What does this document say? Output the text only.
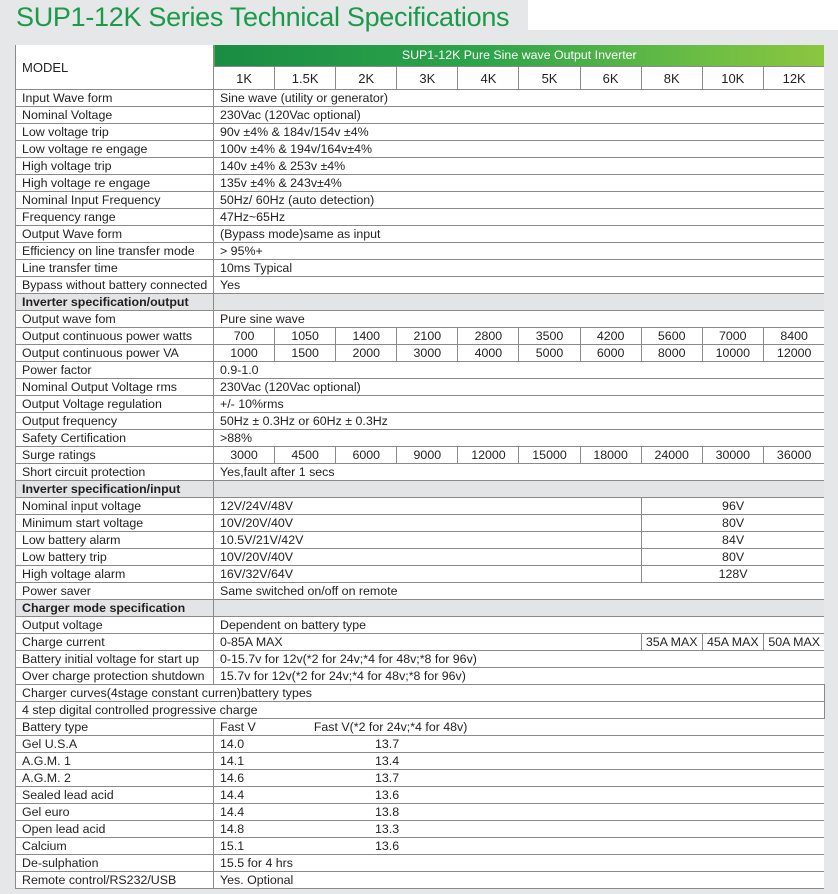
SUP1-12K Series Technical Specifications
MODEL	SUP1-12K Pure Sine wave Output Inverter									
	1K	1.5K	2K	3K	4K	5K	6K	8K	10K	12K
Input Wave form	Sine wave (utility or generator)									
Nominal Voltage	230Vac (120Vac optional)									
Low voltage trip	90v ±4% & 184v/154v ±4%									
Low voltage re engage	100v ±4% & 194v/164v±4%									
High voltage trip	140v ±4% & 253v ±4%									
High voltage re engage	135v ±4% & 243v±4%									
Nominal Input Frequency	50Hz/ 60Hz (auto detection)									
Frequency range	47Hz~65Hz									
Output Wave form	(Bypass mode)same as input									
Efficiency on line transfer mode	> 95%+									
Line transfer time	10ms Typical									
Bypass without battery connected	Yes									
Inverter specification/output										
Output wave fom	Pure sine wave									
Output continuous power watts	700	1050	1400	2100	2800	3500	4200	5600	7000	8400
Output continuous power VA	1000	1500	2000	3000	4000	5000	6000	8000	10000	12000
Power factor	0.9-1.0									
Nominal Output Voltage rms	230Vac (120Vac optional)									
Output Voltage regulation	+/- 10%rms									
Output frequency	50Hz ± 0.3Hz or 60Hz ± 0.3Hz									
Safety Certification	>88%									
Surge ratings	3000	4500	6000	9000	12000	15000	18000	24000	30000	36000
Short circuit protection	Yes,fault after 1 secs									
Inverter specification/input										
Nominal input voltage	12V/24V/48V							96V		
Minimum start voltage	10V/20V/40V							80V		
Low battery alarm	10.5V/21V/42V							84V		
Low battery trip	10V/20V/40V							80V		
High voltage alarm	16V/32V/64V							128V		
Power saver	Same switched on/off on remote									
Charger mode specification										
Output voltage	Dependent on battery type									
Charge current	0-85A MAX							35A MAX	45A MAX	50A MAX
Battery initial voltage for start up	0-15.7v for 12v(*2 for 24v;*4 for 48v;*8 for 96v)									
Over charge protection shutdown	15.7v for 12v(*2 for 24v;*4 for 48v;*8 for 96v)									
Charger curves(4stage constant curren)battery types										
4 step digital controlled progressive charge										
Battery type	Fast V Fast V(*2 for 24v;*4 for 48v)									
Gel U.S.A	14.0 13.7									
A.G.M. 1	14.1 13.4									
A.G.M. 2	14.6 13.7									
Sealed lead acid	14.4 13.6									
Gel euro	14.4 13.8									
Open lead acid	14.8 13.3									
Calcium	15.1 13.6									
De-sulphation	15.5 for 4 hrs									
Remote control/RS232/USB	Yes. Optional									
